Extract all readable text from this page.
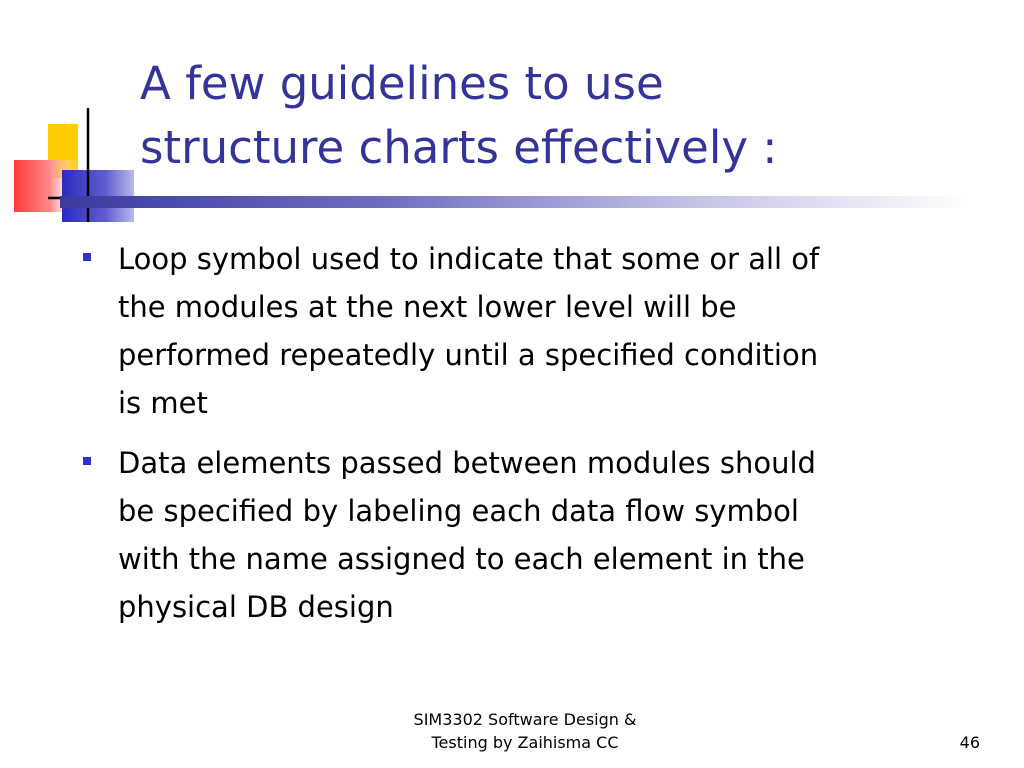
A few guidelines to use
structure charts effectively :
Loop symbol used to indicate that some or all of
the modules at the next lower level will be
performed repeatedly until a specified condition
is met
Data elements passed between modules should
be specified by labeling each data flow symbol
with the name assigned to each element in the
physical DB design
SIM3302 Software Design &
Testing by Zaihisma CC	46
